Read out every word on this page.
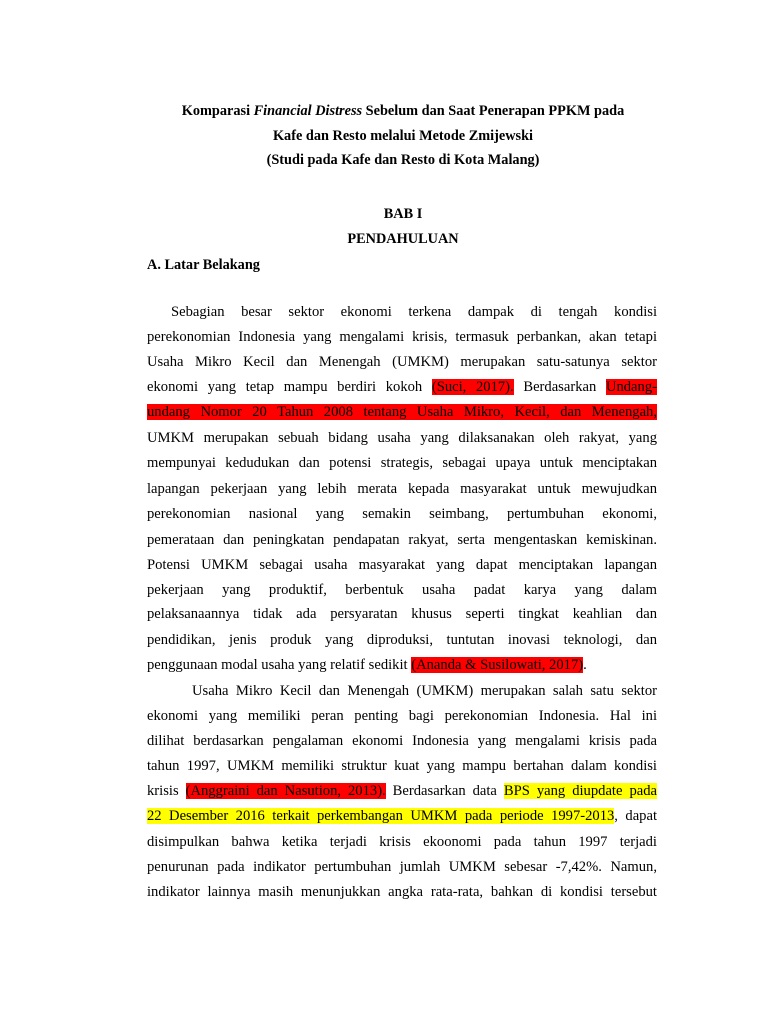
Komparasi Financial Distress Sebelum dan Saat Penerapan PPKM pada
Kafe dan Resto melalui Metode Zmijewski
(Studi pada Kafe dan Resto di Kota Malang)
BAB I
PENDAHULUAN
A. Latar Belakang
Sebagian besar sektor ekonomi terkena dampak di tengah kondisi
perekonomian Indonesia yang mengalami krisis, termasuk perbankan, akan tetapi
Usaha Mikro Kecil dan Menengah (UMKM) merupakan satu-satunya sektor
ekonomi yang tetap mampu berdiri kokoh (Suci, 2017). Berdasarkan Undang-
undang Nomor 20 Tahun 2008 tentang Usaha Mikro, Kecil, dan Menengah,
UMKM merupakan sebuah bidang usaha yang dilaksanakan oleh rakyat, yang
mempunyai kedudukan dan potensi strategis, sebagai upaya untuk menciptakan
lapangan pekerjaan yang lebih merata kepada masyarakat untuk mewujudkan
perekonomian nasional yang semakin seimbang, pertumbuhan ekonomi,
pemerataan dan peningkatan pendapatan rakyat, serta mengentaskan kemiskinan.
Potensi UMKM sebagai usaha masyarakat yang dapat menciptakan lapangan
pekerjaan yang produktif, berbentuk usaha padat karya yang dalam
pelaksanaannya tidak ada persyaratan khusus seperti tingkat keahlian dan
pendidikan, jenis produk yang diproduksi, tuntutan inovasi teknologi, dan
penggunaan modal usaha yang relatif sedikit (Ananda & Susilowati, 2017).
Usaha Mikro Kecil dan Menengah (UMKM) merupakan salah satu sektor
ekonomi yang memiliki peran penting bagi perekonomian Indonesia. Hal ini
dilihat berdasarkan pengalaman ekonomi Indonesia yang mengalami krisis pada
tahun 1997, UMKM memiliki struktur kuat yang mampu bertahan dalam kondisi
krisis (Anggraini dan Nasution, 2013). Berdasarkan data BPS yang diupdate pada
22 Desember 2016 terkait perkembangan UMKM pada periode 1997-2013, dapat
disimpulkan bahwa ketika terjadi krisis ekoonomi pada tahun 1997 terjadi
penurunan pada indikator pertumbuhan jumlah UMKM sebesar -7,42%. Namun,
indikator lainnya masih menunjukkan angka rata-rata, bahkan di kondisi tersebut
